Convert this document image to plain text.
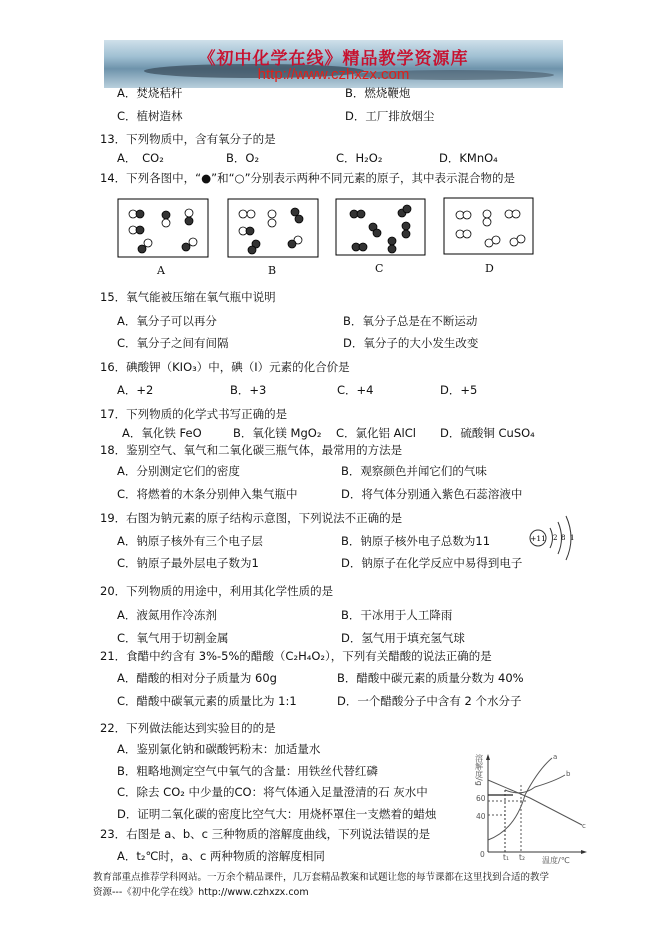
《初中化学在线》精品教学资源库
http://www.czhxzx.com
A．焚烧秸秆	B．燃烧鞭炮
C．植树造林	D．工厂排放烟尘
13．下列物质中，含有氧分子的是
A．　CO₂	B．O₂	C．H₂O₂	D．KMnO₄
14．下列各图中，“●”和“○”分别表示两种不同元素的原子，其中表示混合物的是
A	B	C	D
15．氧气能被压缩在氧气瓶中说明
A．氧分子可以再分	B．氧分子总是在不断运动
C．氧分子之间有间隔	D．氧分子的大小发生改变
16．碘酸钾（KIO₃）中，碘（I）元素的化合价是
A．+2	B．+3	C．+4	D．+5
17．下列物质的化学式书写正确的是
A．氧化铁 FeO	B．氧化镁 MgO₂ C．氯化铝 AlCl D．硫酸铜 CuSO₄
18．鉴别空气、氧气和二氧化碳三瓶气体，最常用的方法是
A．分别测定它们的密度	B．观察颜色并闻它们的气味
C．将燃着的木条分别伸入集气瓶中	D．将气体分别通入紫色石蕊溶液中
19．右图为钠元素的原子结构示意图，下列说法不正确的是
A．钠原子核外有三个电子层	B．钠原子核外电子总数为11
C．钠原子最外层电子数为1	D．钠原子在化学反应中易得到电子
+11 2 8 1
20．下列物质的用途中，利用其化学性质的是
A．液氮用作冷冻剂	B．干冰用于人工降雨
C．氧气用于切割金属	D．氢气用于填充氢气球
21．食醋中约含有 3%-5%的醋酸（C₂H₄O₂），下列有关醋酸的说法正确的是
A．醋酸的相对分子质量为 60g	B．醋酸中碳元素的质量分数为 40%
C．醋酸中碳氧元素的质量比为 1:1	D．一个醋酸分子中含有 2 个水分子
22．下列做法能达到实验目的的是
A．鉴别氯化钠和碳酸钙粉末：加适量水
B．粗略地测定空气中氧气的含量：用铁丝代替红磷
C．除去 CO₂ 中少量的CO：将气体通入足量澄清的石 灰水中
D．证明二氧化碳的密度比空气大：用烧杯罩住一支燃着的蜡烛
23．右图是 a、b、c 三种物质的溶解度曲线，下列说法错误的是
A．t₂℃时，a、c 两种物质的溶解度相同
溶解度/g
0
60
40
t₁ t₂ 温度/℃
a
b
c
教育部重点推荐学科网站。一万余个精品课件，几万套精品教案和试题让您的每节课都在这里找到合适的教学
资源---《初中化学在线》http://www.czhxzx.com
